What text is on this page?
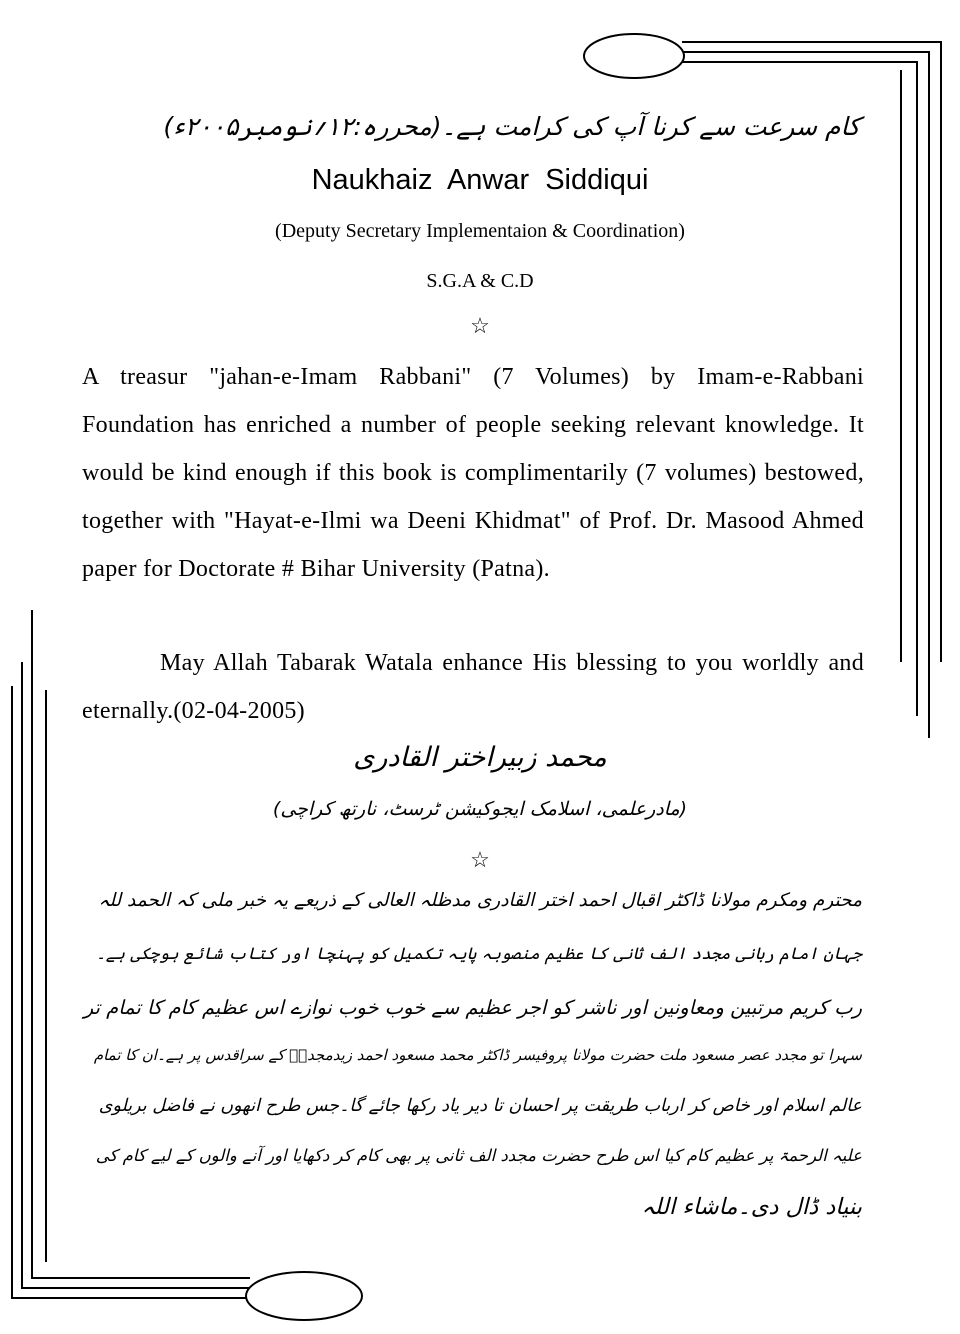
کام سرعت سے کرنا آپ کی کرامت ہے۔(محررہ:۱۲؍نومبر۲۰۰۵ء)

Naukhaiz Anwar Siddiqui

(Deputy Secretary Implementaion & Coordination)

S.G.A & C.D

☆

A treasur "jahan-e-Imam Rabbani" (7 Volumes) by Imam-e-Rabbani Foundation has enriched a number of people seeking relevant knowledge. It would be kind enough if this book is complimentarily (7 volumes) bestowed, together with "Hayat-e-Ilmi wa Deeni Khidmat" of Prof. Dr. Masood Ahmed paper for Doctorate # Bihar University (Patna).

May Allah Tabarak Watala enhance His blessing to you worldly and eternally.(02-04-2005)

محمد زبیراختر القادری

(مادرعلمی، اسلامک ایجوکیشن ٹرسٹ، نارتھ کراچی)

☆

محترم ومکرم مولانا ڈاکٹر اقبال احمد اختر القادری مدظلہ العالی کے ذریعے یہ خبر ملی کہ الحمد للہ

جہان امام ربانی مجدد الف ثانی کا عظیم منصوبہ پایہ تکمیل کو پہنچا اور کتاب شائع ہوچکی ہے۔

رب کریم مرتبین ومعاونین اور ناشر کو اجر عظیم سے خوب خوب نوازے اس عظیم کام کا تمام تر

سہرا تو مجدد عصر مسعود ملت حضرت مولانا پروفیسر ڈاکٹر محمد مسعود احمد زیدمجدہٗ کے سراقدس پر ہے۔ان کا تمام

عالم اسلام اور خاص کر ارباب طریقت پر احسان تا دیر یاد رکھا جائے گا۔جس طرح انھوں نے فاضل بریلوی

علیہ الرحمۃ پر عظیم کام کیا اس طرح حضرت مجدد الف ثانی پر بھی کام کر دکھایا اور آنے والوں کے لیے کام کی

بنیاد ڈال دی۔ماشاء اللہ
